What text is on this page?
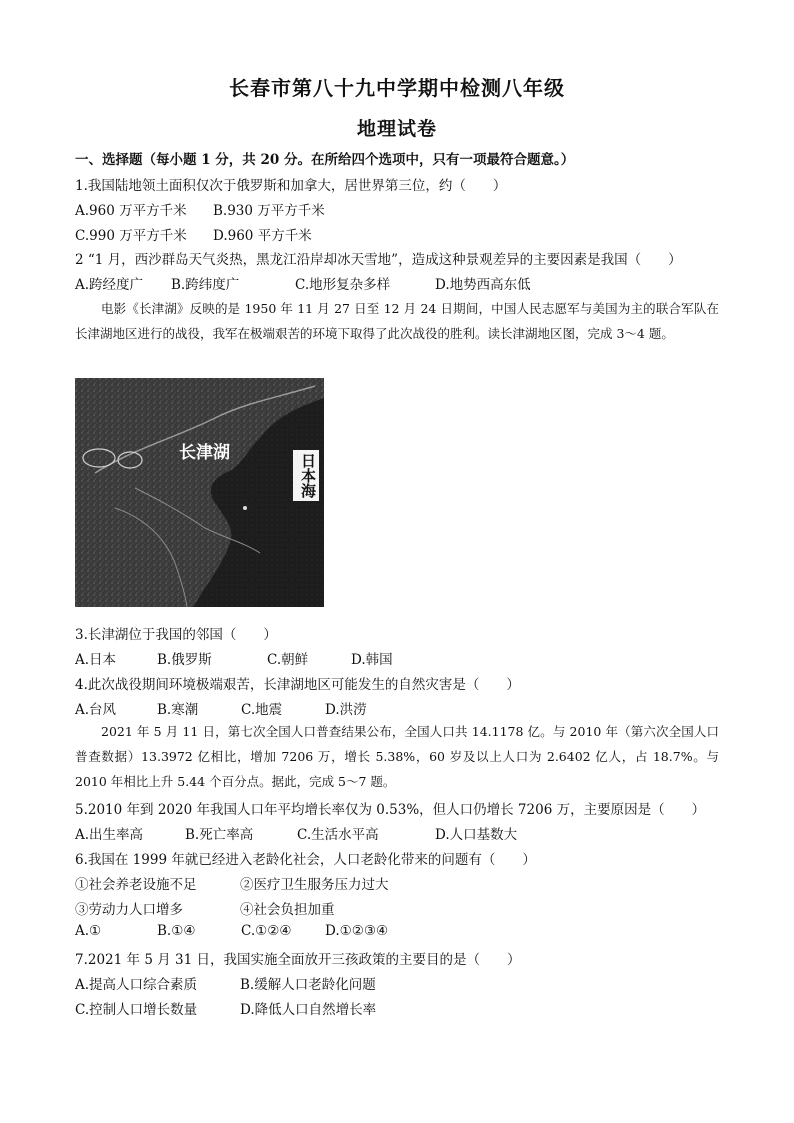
长春市第八十九中学期中检测八年级
地理试卷
一、选择题（每小题 1 分，共 20 分。在所给四个选项中，只有一项最符合题意。）
1.我国陆地领土面积仅次于俄罗斯和加拿大，居世界第三位，约（　　）
A.960 万平方千米 B.930 万平方千米
C.990 万平方千米 D.960 平方千米
2 “1 月，西沙群岛天气炎热，黑龙江沿岸却冰天雪地”，造成这种景观差异的主要因素是我国（　　）
A.跨经度广 B.跨纬度广	C.地形复杂多样	D.地势西高东低
电影《长津湖》反映的是 1950 年 11 月 27 日至 12 月 24 日期间，中国人民志愿军与美国为主的联合军队在长津湖地区进行的战役，我军在极端艰苦的环境下取得了此次战役的胜利。读长津湖地区图，完成 3～4 题。
长津湖	日本海
3.长津湖位于我国的邻国（　　）
A.日本	B.俄罗斯	C.朝鲜	D.韩国
4.此次战役期间环境极端艰苦，长津湖地区可能发生的自然灾害是（　　）
A.台风	B.寒潮	C.地震	D.洪涝
2021 年 5 月 11 日，第七次全国人口普查结果公布，全国人口共 14.1178 亿。与 2010 年（第六次全国人口普查数据）13.3972 亿相比，增加 7206 万，增长 5.38%，60 岁及以上人口为 2.6402 亿人，占 18.7%。与 2010 年相比上升 5.44 个百分点。据此，完成 5～7 题。
5.2010 年到 2020 年我国人口年平均增长率仅为 0.53%，但人口仍增长 7206 万，主要原因是（　　）
A.出生率高	B.死亡率高	C.生活水平高	D.人口基数大
6.我国在 1999 年就已经进入老龄化社会，人口老龄化带来的问题有（　　）
①社会养老设施不足	②医疗卫生服务压力过大
③劳动力人口增多	④社会负担加重
A.①	B.①④	C.①②④ D.①②③④
7.2021 年 5 月 31 日，我国实施全面放开三孩政策的主要目的是（　　）
A.提高人口综合素质	B.缓解人口老龄化问题
C.控制人口增长数量	D.降低人口自然增长率
